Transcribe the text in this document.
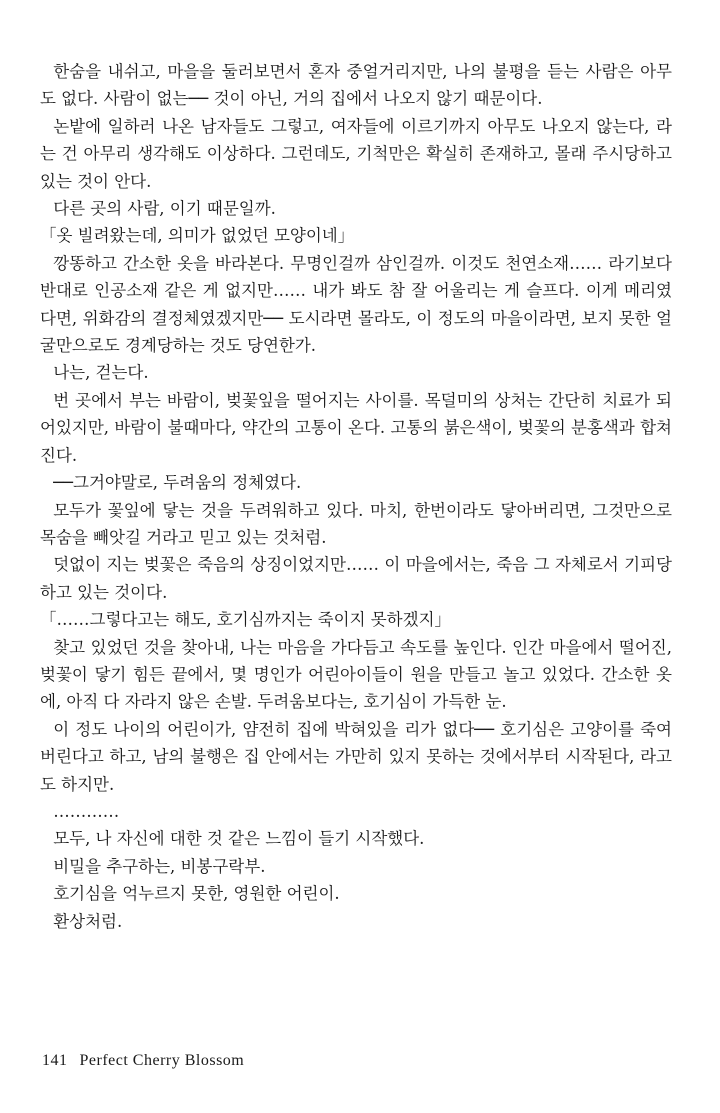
한숨을 내쉬고, 마을을 둘러보면서 혼자 중얼거리지만, 나의 불평을 듣는 사람은 아무도 없다. 사람이 없는── 것이 아닌, 거의 집에서 나오지 않기 때문이다.

논밭에 일하러 나온 남자들도 그렇고, 여자들에 이르기까지 아무도 나오지 않는다, 라는 건 아무리 생각해도 이상하다. 그런데도, 기척만은 확실히 존재하고, 몰래 주시당하고 있는 것이 안다.

다른 곳의 사람, 이기 때문일까.

「옷 빌려왔는데, 의미가 없었던 모양이네」

깡똥하고 간소한 옷을 바라본다. 무명인걸까 삼인걸까. 이것도 천연소재…… 라기보다 반대로 인공소재 같은 게 없지만…… 내가 봐도 참 잘 어울리는 게 슬프다. 이게 메리였다면, 위화감의 결정체였겠지만── 도시라면 몰라도, 이 정도의 마을이라면, 보지 못한 얼굴만으로도 경계당하는 것도 당연한가.

나는, 걷는다.

번 곳에서 부는 바람이, 벚꽃잎을 떨어지는 사이를. 목덜미의 상처는 간단히 치료가 되어있지만, 바람이 불때마다, 약간의 고통이 온다. 고통의 붉은색이, 벚꽃의 분홍색과 합쳐진다.

──그거야말로, 두려움의 정체였다.

모두가 꽃잎에 닿는 것을 두려워하고 있다. 마치, 한번이라도 닿아버리면, 그것만으로 목숨을 빼앗길 거라고 믿고 있는 것처럼.

덧없이 지는 벚꽃은 죽음의 상징이었지만…… 이 마을에서는, 죽음 그 자체로서 기피당하고 있는 것이다.

「……그렇다고는 해도, 호기심까지는 죽이지 못하겠지」

찾고 있었던 것을 찾아내, 나는 마음을 가다듬고 속도를 높인다. 인간 마을에서 떨어진, 벚꽃이 닿기 힘든 끝에서, 몇 명인가 어린아이들이 원을 만들고 놀고 있었다. 간소한 옷에, 아직 다 자라지 않은 손발. 두려움보다는, 호기심이 가득한 눈.

이 정도 나이의 어린이가, 얌전히 집에 박혀있을 리가 없다── 호기심은 고양이를 죽여 버린다고 하고, 남의 불행은 집 안에서는 가만히 있지 못하는 것에서부터 시작된다, 라고도 하지만.

…………

모두, 나 자신에 대한 것 같은 느낌이 들기 시작했다.

비밀을 추구하는, 비봉구락부.

호기심을 억누르지 못한, 영원한 어린이.

환상처럼.

141 Perfect Cherry Blossom
